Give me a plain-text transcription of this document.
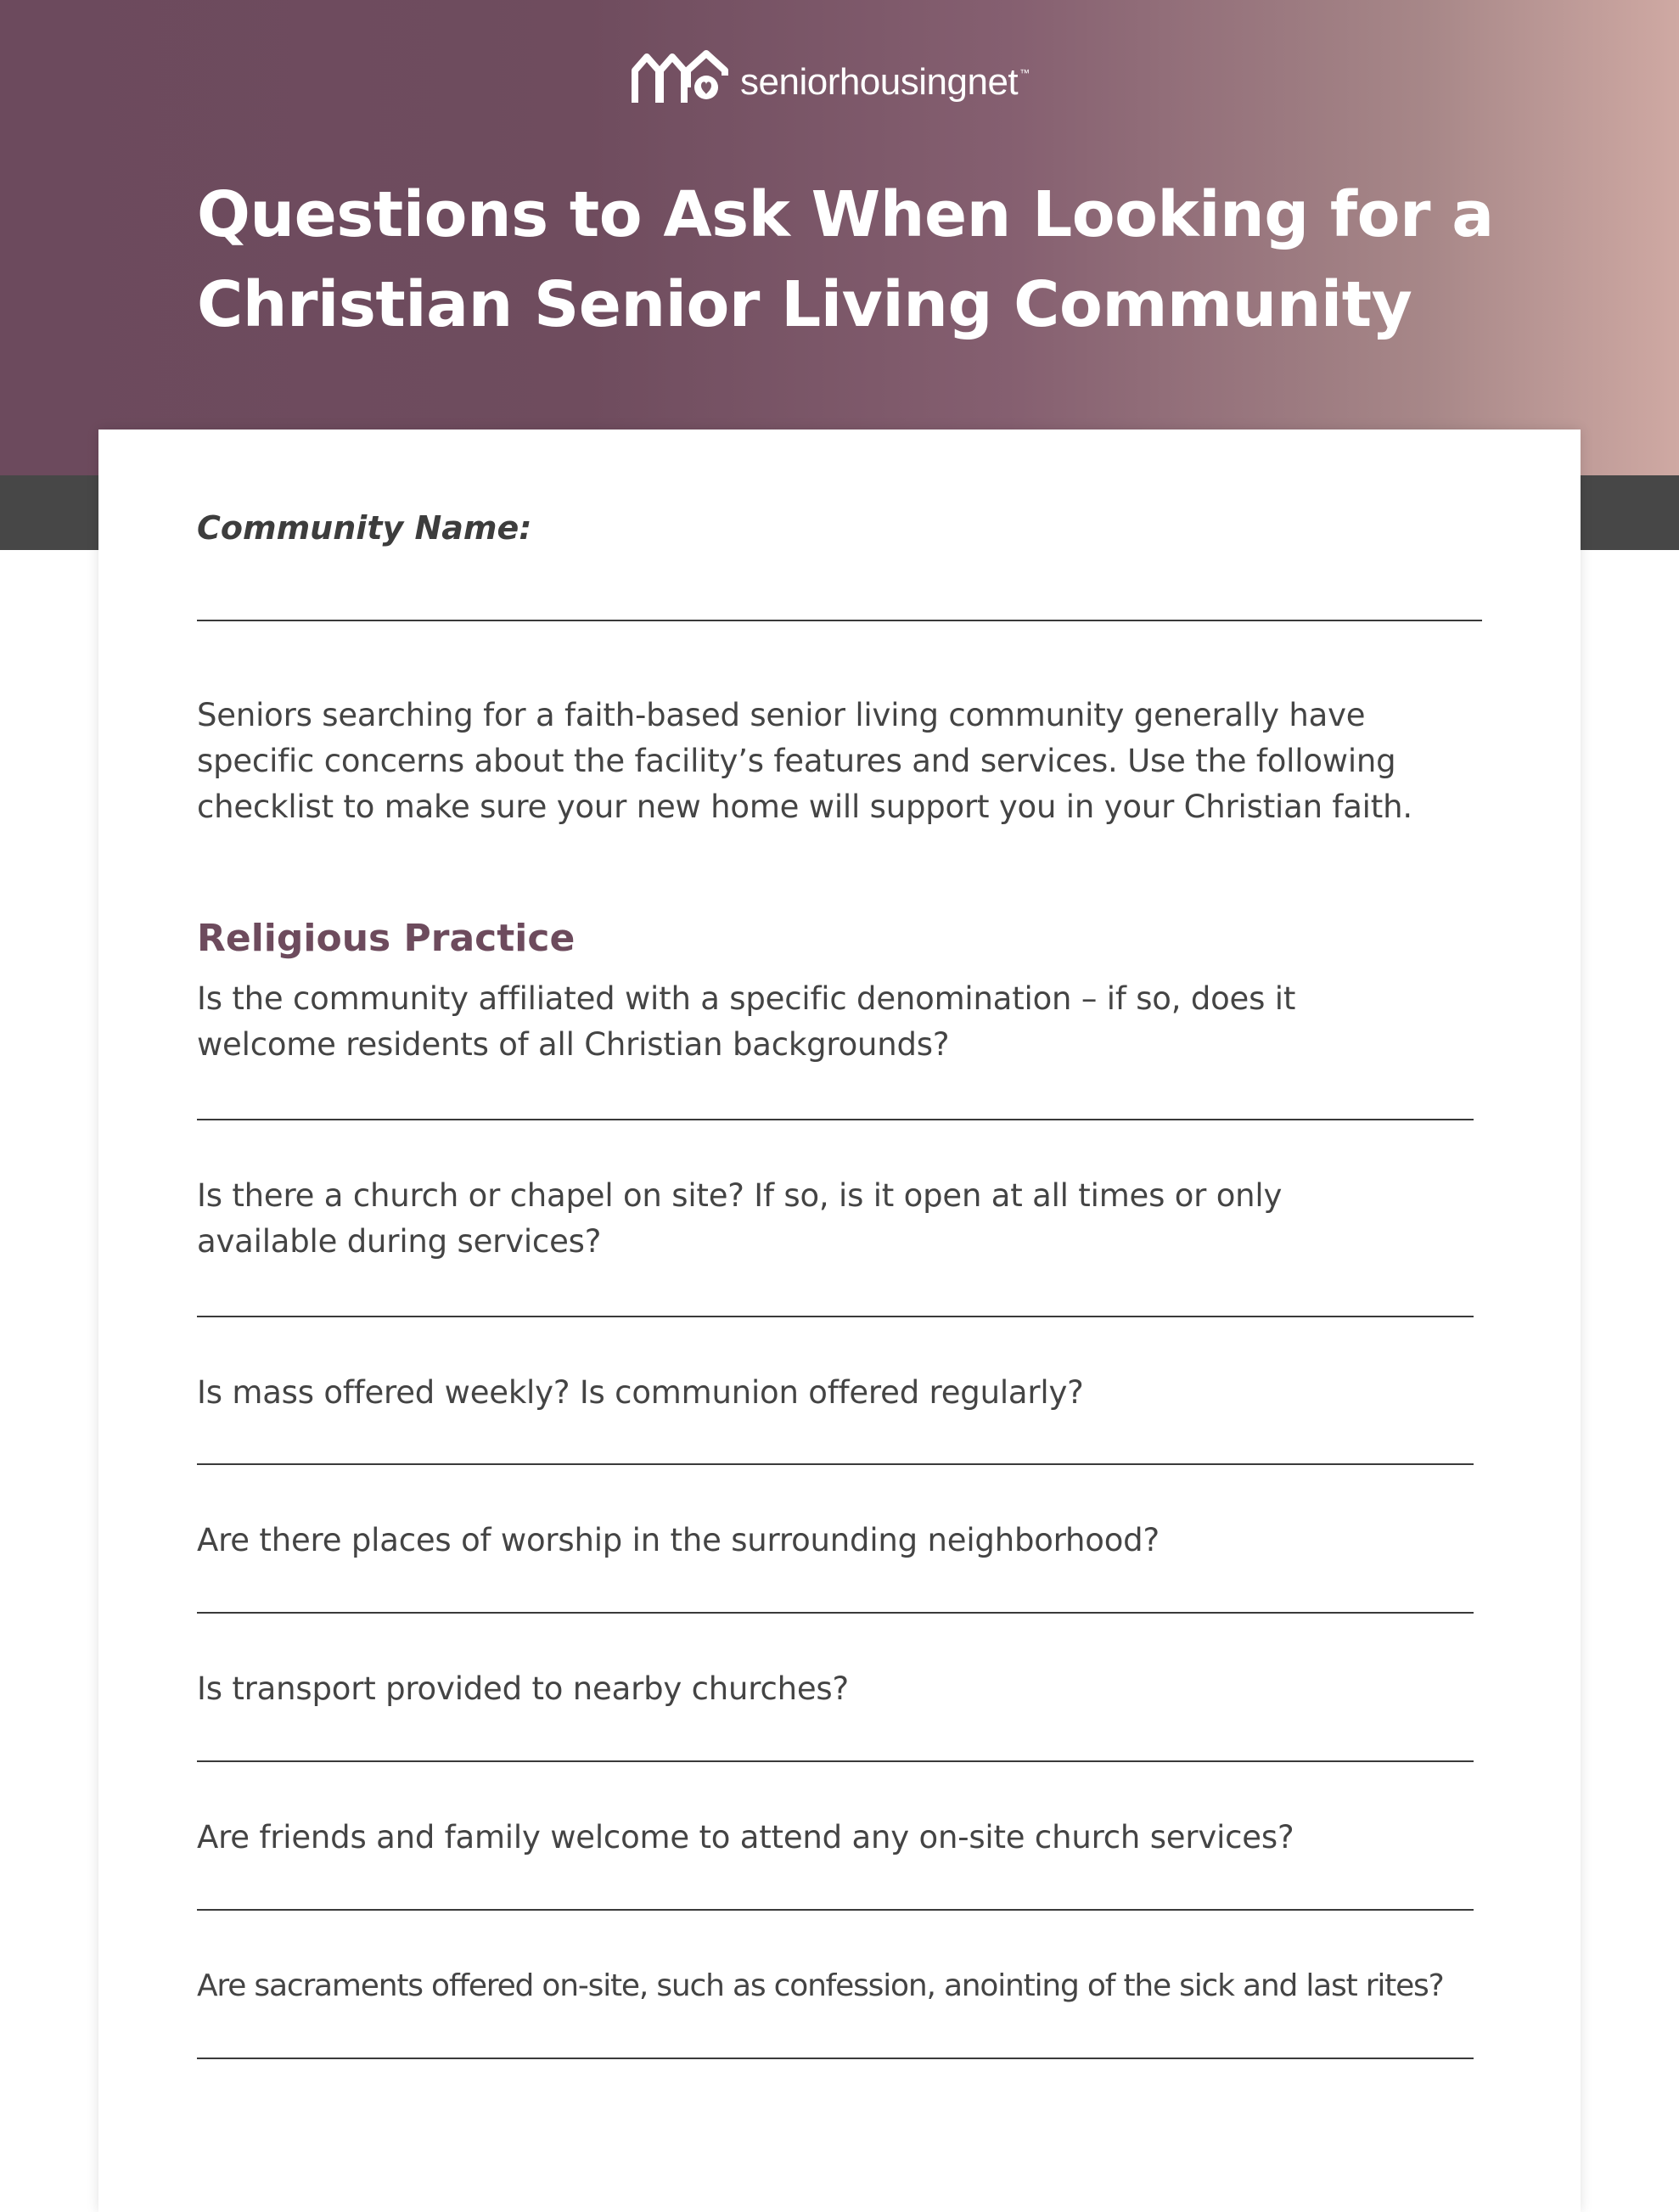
seniorhousingnet ™
Questions to Ask When Looking for a
Christian Senior Living Community

Community Name:

Seniors searching for a faith-based senior living community generally have
specific concerns about the facility’s features and services. Use the following
checklist to make sure your new home will support you in your Christian faith.

Religious Practice

Is the community affiliated with a specific denomination – if so, does it
welcome residents of all Christian backgrounds?

Is there a church or chapel on site? If so, is it open at all times or only
available during services?

Is mass offered weekly? Is communion offered regularly?

Are there places of worship in the surrounding neighborhood?

Is transport provided to nearby churches?

Are friends and family welcome to attend any on-site church services?

Are sacraments offered on-site, such as confession, anointing of the sick and last rites?
